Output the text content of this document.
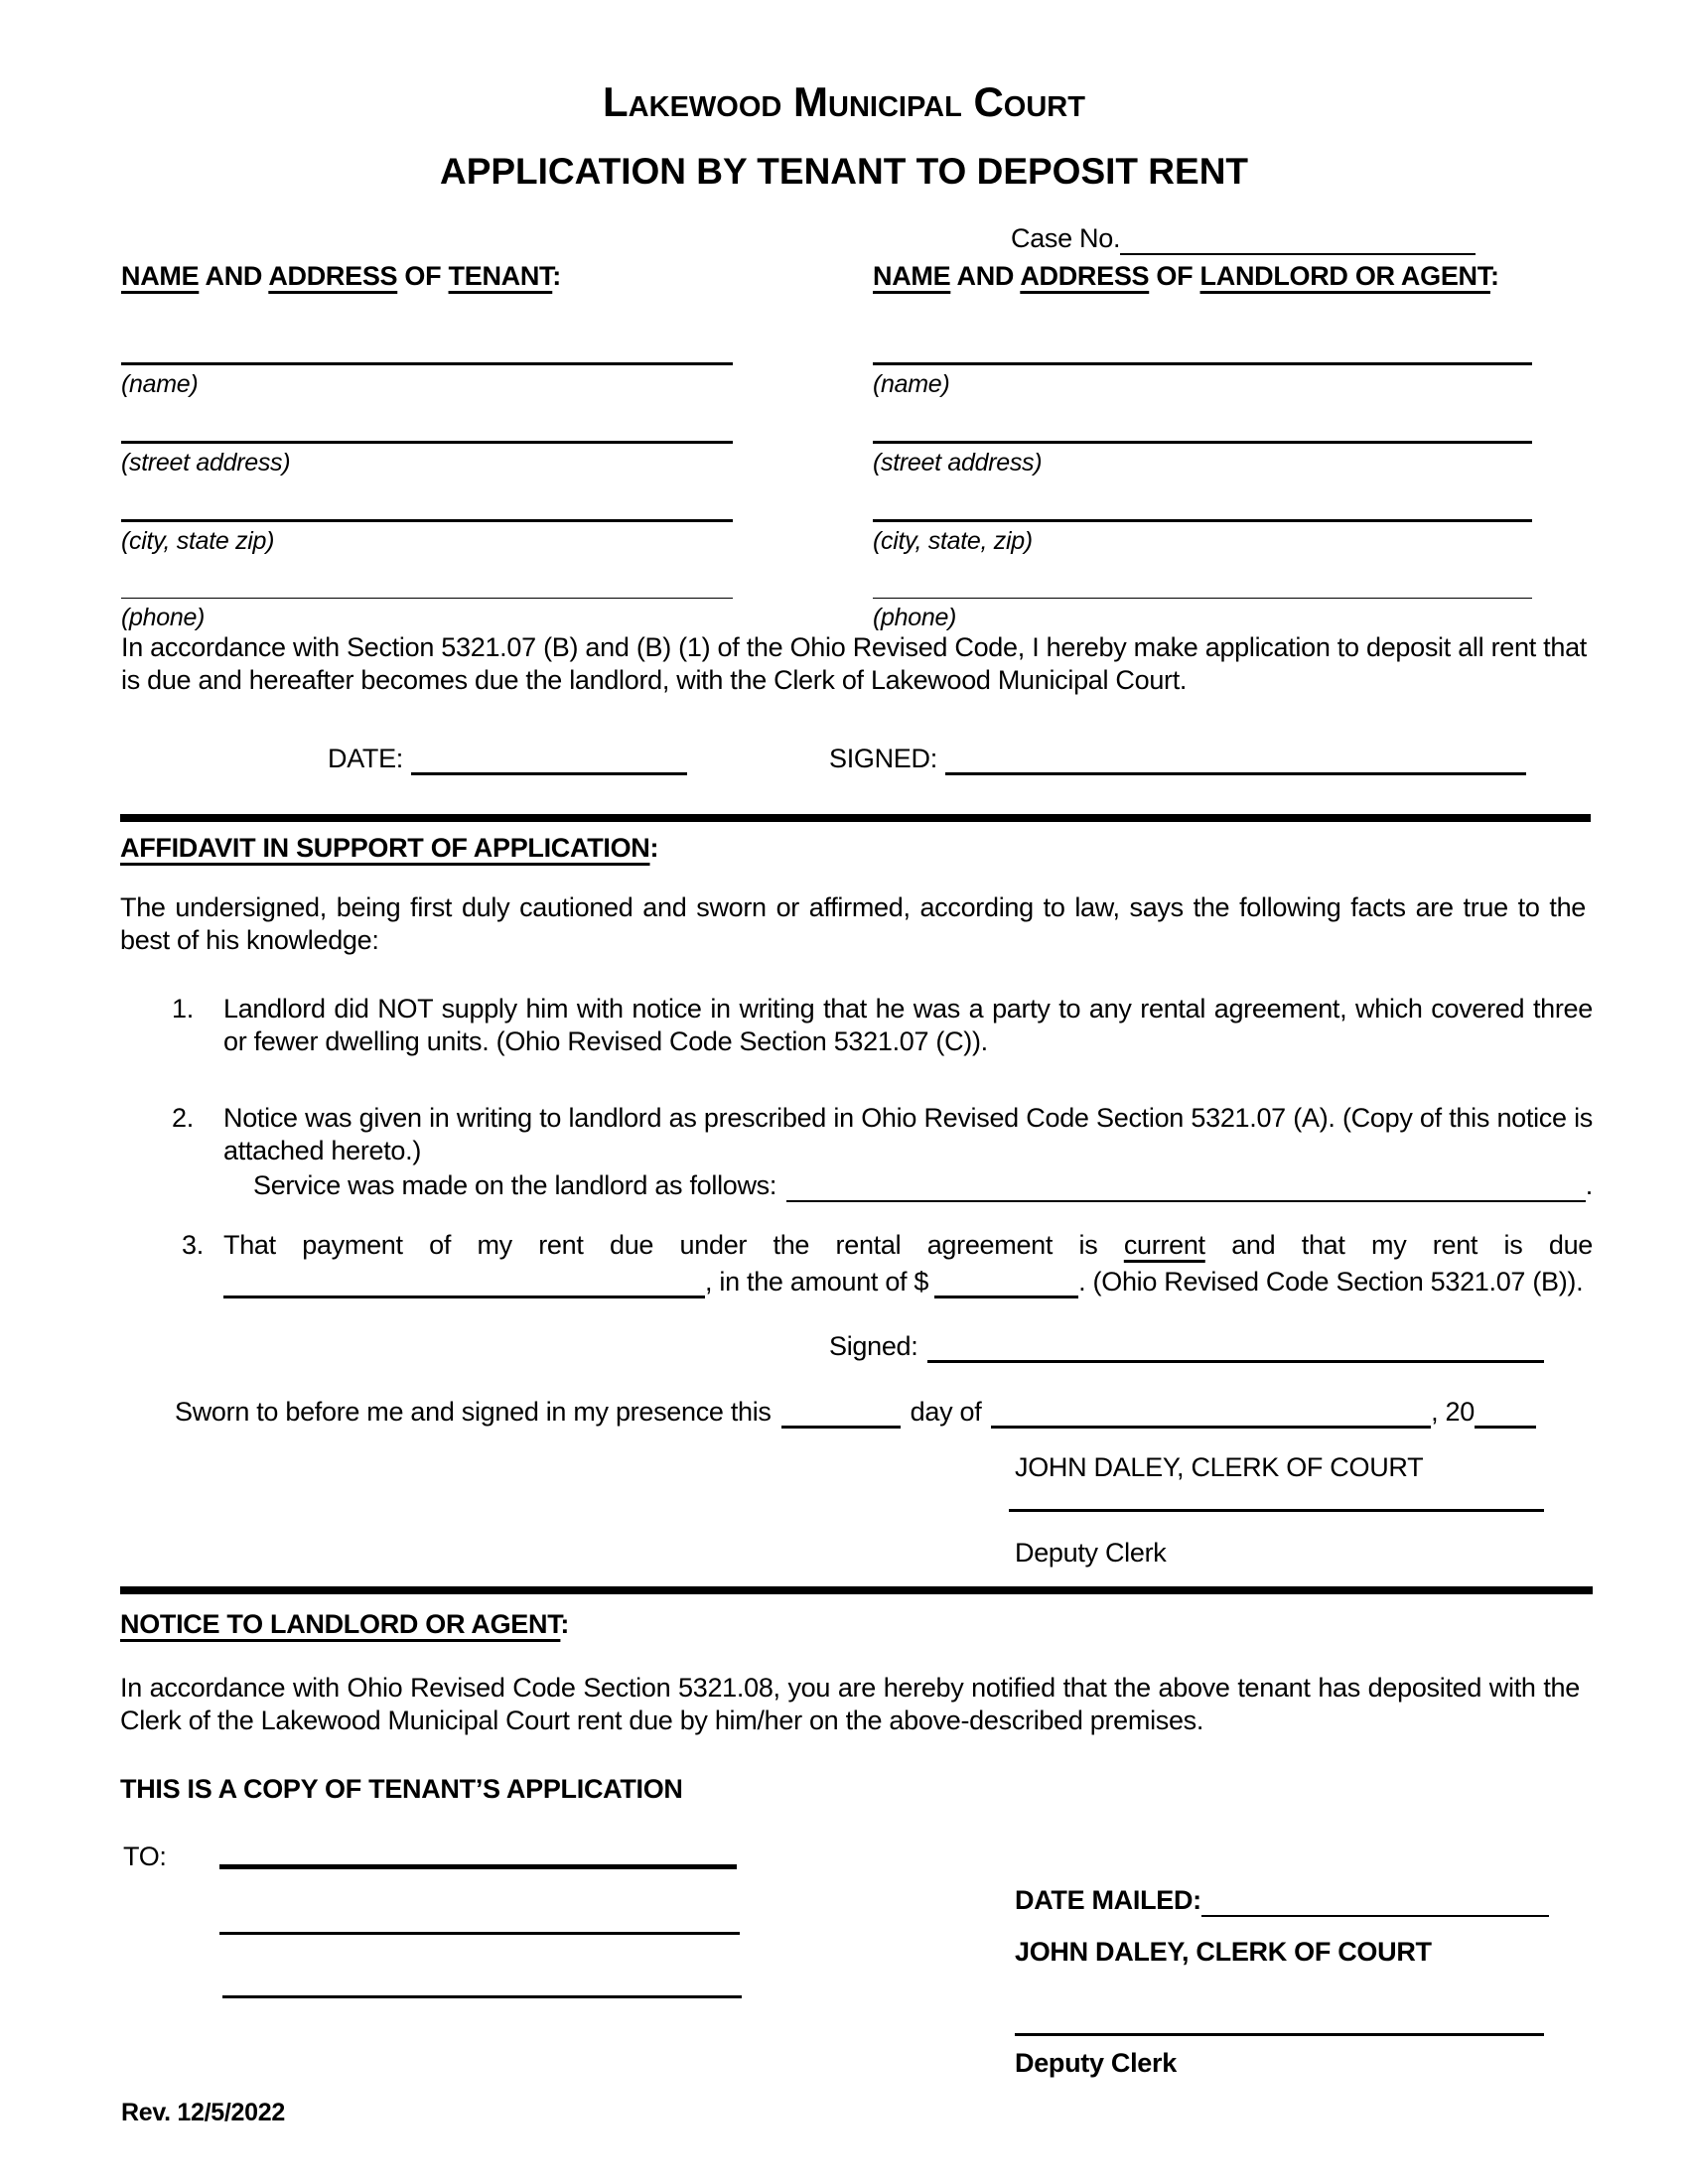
Lakewood Municipal Court
APPLICATION BY TENANT TO DEPOSIT RENT
Case No.
NAME AND ADDRESS OF TENANT:
(name)
(street address)
(city, state zip)
(phone)
NAME AND ADDRESS OF LANDLORD OR AGENT:
(name)
(street address)
(city, state, zip)
(phone)
In accordance with Section 5321.07 (B) and (B) (1) of the Ohio Revised Code, I hereby make application to deposit all rent that is due and hereafter becomes due the landlord, with the Clerk of Lakewood Municipal Court.
DATE:	SIGNED:
AFFIDAVIT IN SUPPORT OF APPLICATION:
The undersigned, being first duly cautioned and sworn or affirmed, according to law, says the following facts are true to the best of his knowledge:
1. Landlord did NOT supply him with notice in writing that he was a party to any rental agreement, which covered three or fewer dwelling units. (Ohio Revised Code Section 5321.07 (C)).
2. Notice was given in writing to landlord as prescribed in Ohio Revised Code Section 5321.07 (A). (Copy of this notice is attached hereto.)
Service was made on the landlord as follows:	.
3. That payment of my rent due under the rental agreement is current and that my rent is due
, in the amount of $	. (Ohio Revised Code Section 5321.07 (B)).
Signed:
Sworn to before me and signed in my presence this	day of	, 20
JOHN DALEY, CLERK OF COURT
Deputy Clerk
NOTICE TO LANDLORD OR AGENT:
In accordance with Ohio Revised Code Section 5321.08, you are hereby notified that the above tenant has deposited with the Clerk of the Lakewood Municipal Court rent due by him/her on the above-described premises.
THIS IS A COPY OF TENANT’S APPLICATION
TO:
DATE MAILED:
JOHN DALEY, CLERK OF COURT
Deputy Clerk
Rev. 12/5/2022
